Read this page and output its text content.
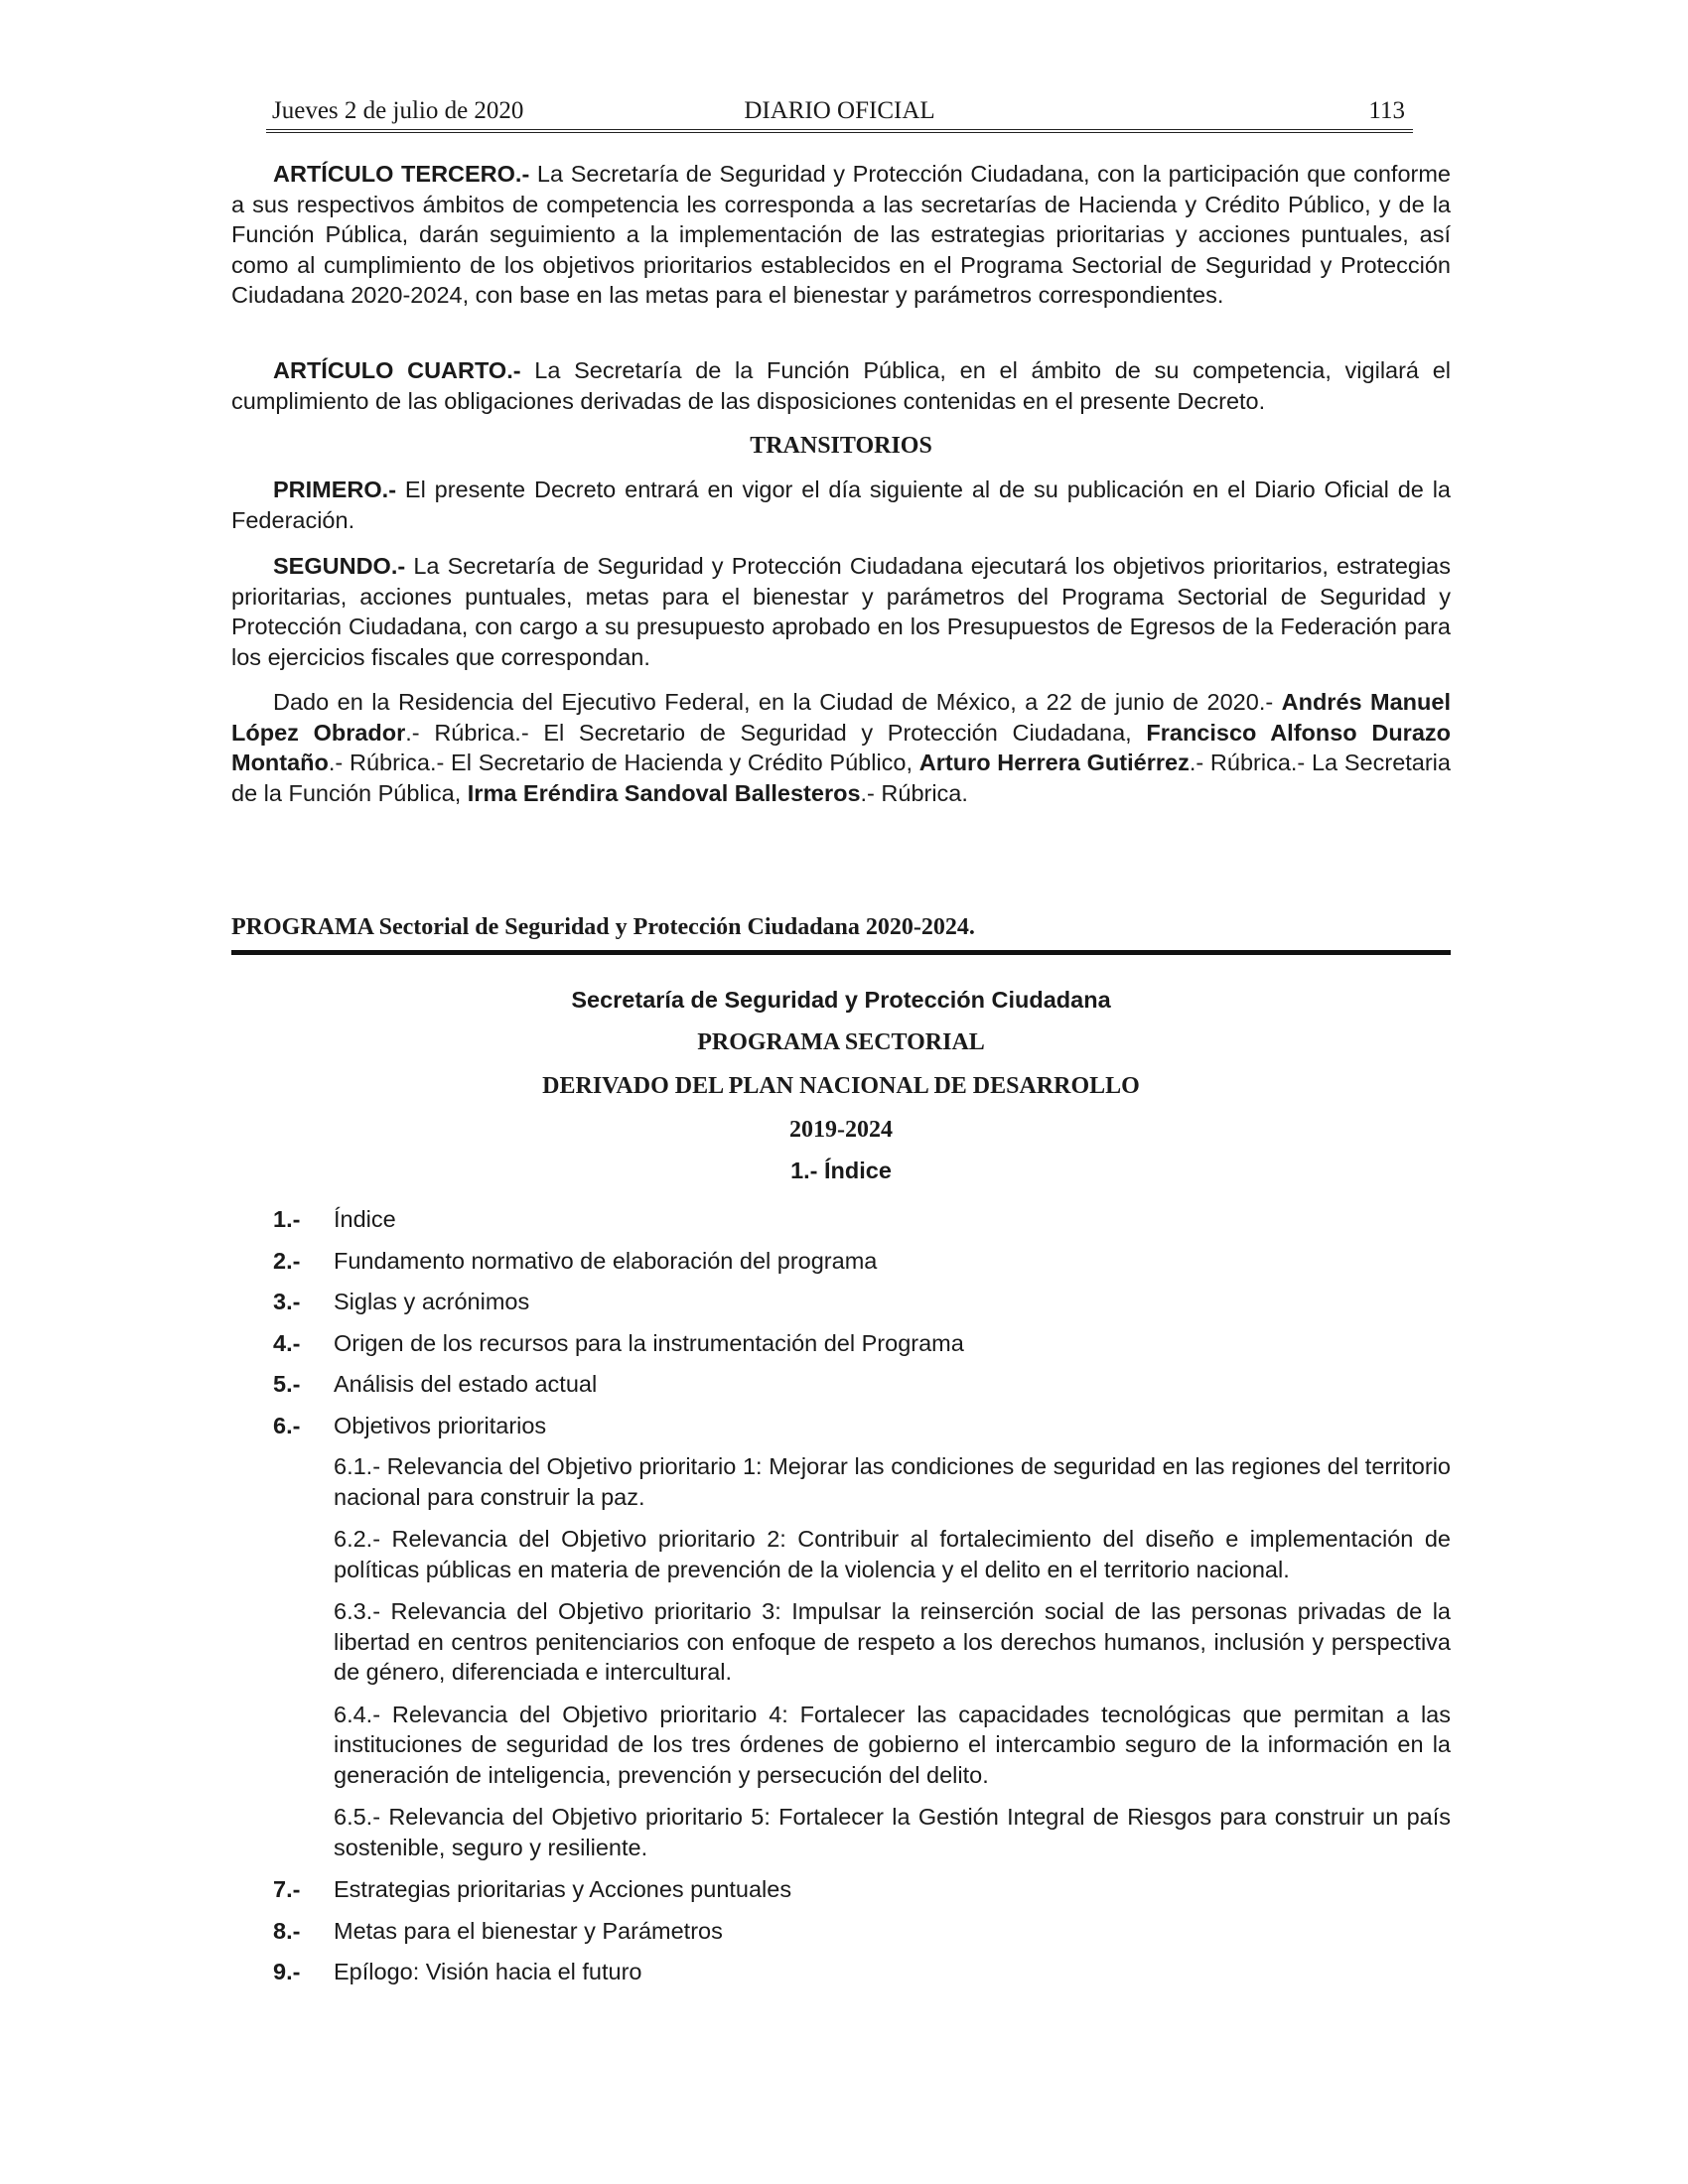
Jueves 2 de julio de 2020	DIARIO OFICIAL	113

ARTÍCULO TERCERO.- La Secretaría de Seguridad y Protección Ciudadana, con la participación que conforme a sus respectivos ámbitos de competencia les corresponda a las secretarías de Hacienda y Crédito Público, y de la Función Pública, darán seguimiento a la implementación de las estrategias prioritarias y acciones puntuales, así como al cumplimiento de los objetivos prioritarios establecidos en el Programa Sectorial de Seguridad y Protección Ciudadana 2020-2024, con base en las metas para el bienestar y parámetros correspondientes.

ARTÍCULO CUARTO.- La Secretaría de la Función Pública, en el ámbito de su competencia, vigilará el cumplimiento de las obligaciones derivadas de las disposiciones contenidas en el presente Decreto.

TRANSITORIOS

PRIMERO.- El presente Decreto entrará en vigor el día siguiente al de su publicación en el Diario Oficial de la Federación.

SEGUNDO.- La Secretaría de Seguridad y Protección Ciudadana ejecutará los objetivos prioritarios, estrategias prioritarias, acciones puntuales, metas para el bienestar y parámetros del Programa Sectorial de Seguridad y Protección Ciudadana, con cargo a su presupuesto aprobado en los Presupuestos de Egresos de la Federación para los ejercicios fiscales que correspondan.

Dado en la Residencia del Ejecutivo Federal, en la Ciudad de México, a 22 de junio de 2020.- Andrés Manuel López Obrador.- Rúbrica.- El Secretario de Seguridad y Protección Ciudadana, Francisco Alfonso Durazo Montaño.- Rúbrica.- El Secretario de Hacienda y Crédito Público, Arturo Herrera Gutiérrez.- Rúbrica.- La Secretaria de la Función Pública, Irma Eréndira Sandoval Ballesteros.- Rúbrica.

PROGRAMA Sectorial de Seguridad y Protección Ciudadana 2020-2024.
Secretaría de Seguridad y Protección Ciudadana
PROGRAMA SECTORIAL
DERIVADO DEL PLAN NACIONAL DE DESARROLLO
2019-2024
1.- Índice
1.- Índice
2.- Fundamento normativo de elaboración del programa
3.- Siglas y acrónimos
4.- Origen de los recursos para la instrumentación del Programa
5.- Análisis del estado actual
6.- Objetivos prioritarios
6.1.- Relevancia del Objetivo prioritario 1: Mejorar las condiciones de seguridad en las regiones del territorio nacional para construir la paz.
6.2.- Relevancia del Objetivo prioritario 2: Contribuir al fortalecimiento del diseño e implementación de políticas públicas en materia de prevención de la violencia y el delito en el territorio nacional.
6.3.- Relevancia del Objetivo prioritario 3: Impulsar la reinserción social de las personas privadas de la libertad en centros penitenciarios con enfoque de respeto a los derechos humanos, inclusión y perspectiva de género, diferenciada e intercultural.
6.4.- Relevancia del Objetivo prioritario 4: Fortalecer las capacidades tecnológicas que permitan a las instituciones de seguridad de los tres órdenes de gobierno el intercambio seguro de la información en la generación de inteligencia, prevención y persecución del delito.
6.5.- Relevancia del Objetivo prioritario 5: Fortalecer la Gestión Integral de Riesgos para construir un país sostenible, seguro y resiliente.
7.- Estrategias prioritarias y Acciones puntuales
8.- Metas para el bienestar y Parámetros
9.- Epílogo: Visión hacia el futuro
